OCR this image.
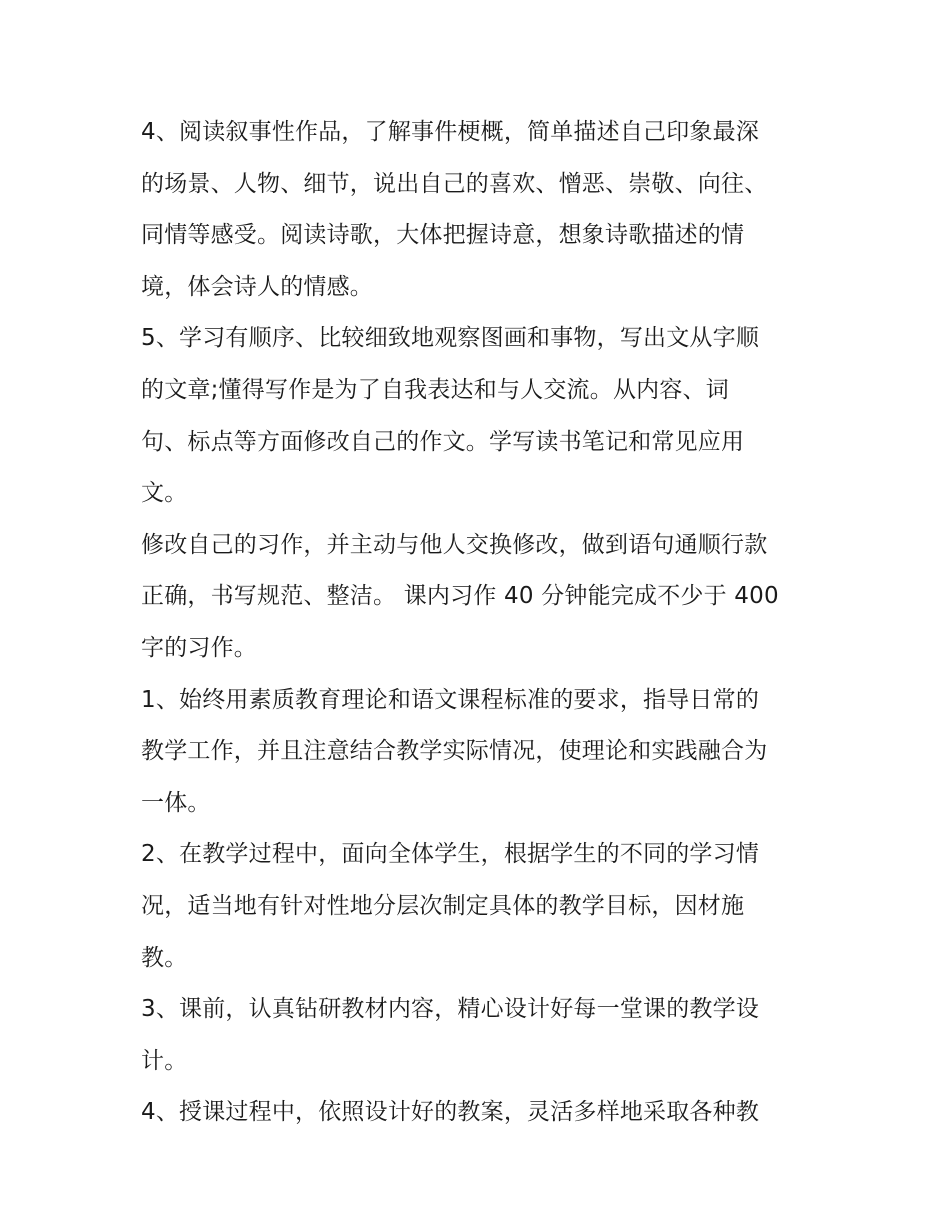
4、阅读叙事性作品，了解事件梗概，简单描述自己印象最深
的场景、人物、细节，说出自己的喜欢、憎恶、崇敬、向往、
同情等感受。阅读诗歌，大体把握诗意，想象诗歌描述的情
境，体会诗人的情感。
5、学习有顺序、比较细致地观察图画和事物，写出文从字顺
的文章;懂得写作是为了自我表达和与人交流。从内容、词
句、标点等方面修改自己的作文。学写读书笔记和常见应用
文。
修改自己的习作，并主动与他人交换修改，做到语句通顺行款
正确，书写规范、整洁。 课内习作 40 分钟能完成不少于 400
字的习作。
1、始终用素质教育理论和语文课程标准的要求，指导日常的
教学工作，并且注意结合教学实际情况，使理论和实践融合为
一体。
2、在教学过程中，面向全体学生，根据学生的不同的学习情
况，适当地有针对性地分层次制定具体的教学目标，因材施
教。
3、课前，认真钻研教材内容，精心设计好每一堂课的教学设
计。
4、授课过程中，依照设计好的教案，灵活多样地采取各种教
